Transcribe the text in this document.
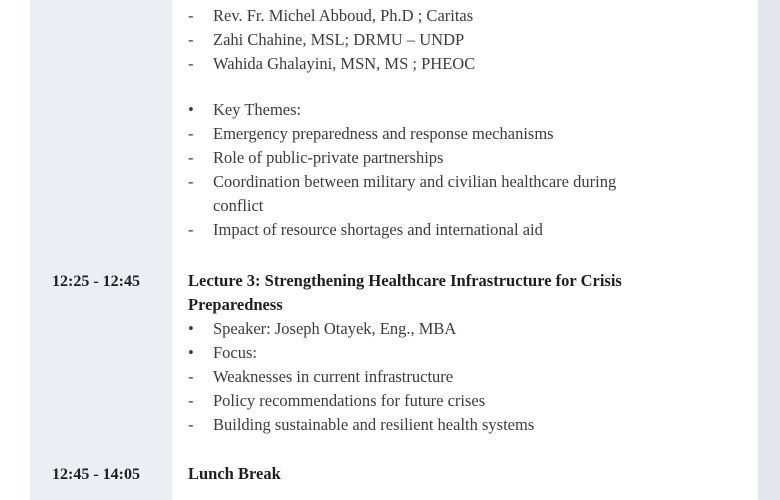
-	Rev. Fr. Michel Abboud, Ph.D ; Caritas
-	Zahi Chahine, MSL; DRMU – UNDP
-	Wahida Ghalayini, MSN, MS ; PHEOC
•	Key Themes:
-	Emergency preparedness and response mechanisms
-	Role of public-private partnerships
-	Coordination between military and civilian healthcare during
conflict
-	Impact of resource shortages and international aid
12:25 - 12:45	Lecture 3: Strengthening Healthcare Infrastructure for Crisis
Preparedness
•	Speaker: Joseph Otayek, Eng., MBA
•	Focus:
-	Weaknesses in current infrastructure
-	Policy recommendations for future crises
-	Building sustainable and resilient health systems
12:45 - 14:05	Lunch Break
